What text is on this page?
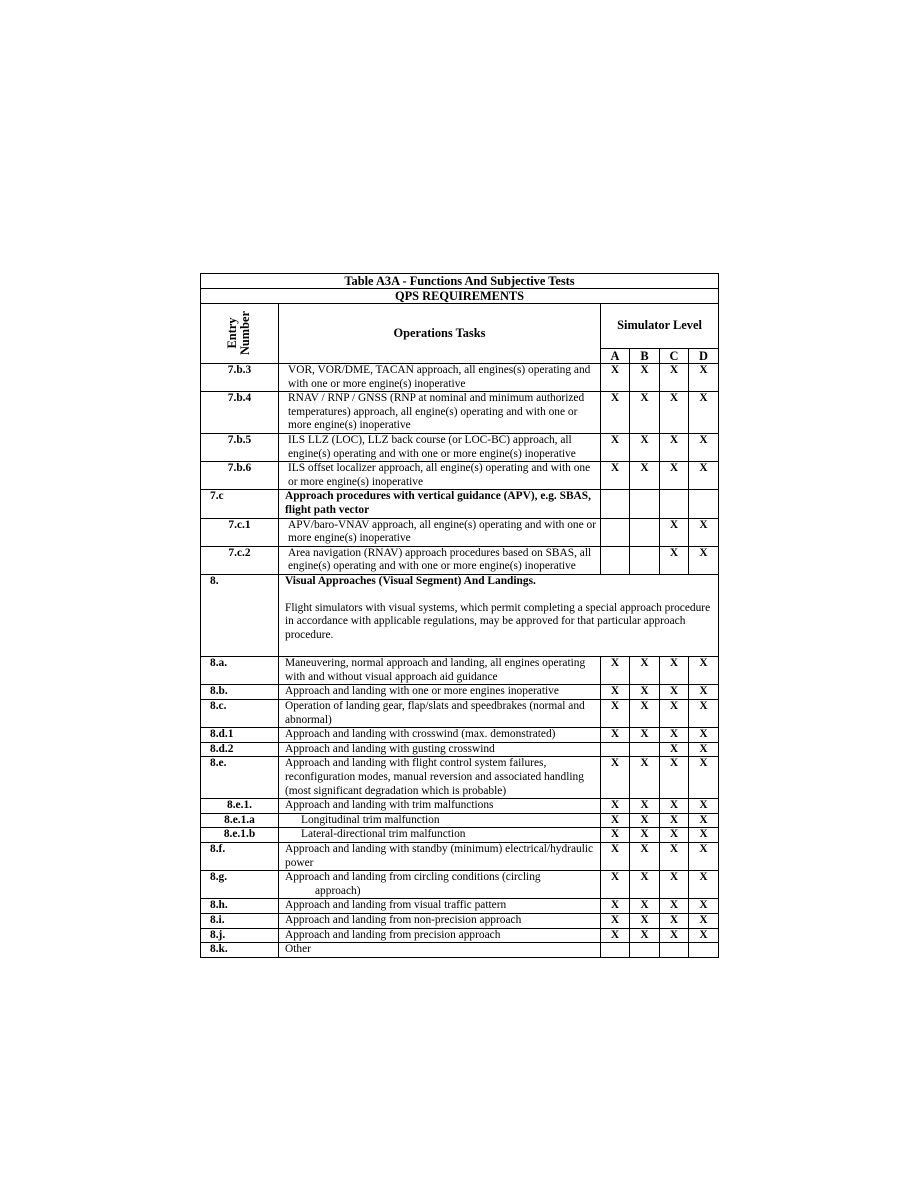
Table A3A - Functions And Subjective Tests					
QPS REQUIREMENTS					
Entry
Number	Operations Tasks	Simulator Level			
		A	B	C	D
7.b.3	VOR, VOR/DME, TACAN approach, all engines(s) operating and with one or more engine(s) inoperative	X	X	X	X
7.b.4	RNAV / RNP / GNSS (RNP at nominal and minimum authorized temperatures) approach, all engine(s) operating and with one or more engine(s) inoperative	X	X	X	X
7.b.5	ILS LLZ (LOC), LLZ back course (or LOC-BC) approach, all engine(s) operating and with one or more engine(s) inoperative	X	X	X	X
7.b.6	ILS offset localizer approach, all engine(s) operating and with one or more engine(s) inoperative	X	X	X	X
7.c	Approach procedures with vertical guidance (APV), e.g. SBAS, flight path vector				
7.c.1	APV/baro-VNAV approach, all engine(s) operating and with one or more engine(s) inoperative			X	X
7.c.2	Area navigation (RNAV) approach procedures based on SBAS, all engine(s) operating and with one or more engine(s) inoperative			X	X
8.	Visual Approaches (Visual Segment) And Landings.
Flight simulators with visual systems, which permit completing a special approach procedure in accordance with applicable regulations, may be approved for that particular approach procedure.				

8.a.	Maneuvering, normal approach and landing, all engines operating with and without visual approach aid guidance	X	X	X	X
8.b.	Approach and landing with one or more engines inoperative	X	X	X	X
8.c.	Operation of landing gear, flap/slats and speedbrakes (normal and abnormal)	X	X	X	X
8.d.1	Approach and landing with crosswind (max. demonstrated)	X	X	X	X
8.d.2	Approach and landing with gusting crosswind			X	X
8.e.	Approach and landing with flight control system failures, reconfiguration modes, manual reversion and associated handling (most significant degradation which is probable)	X	X	X	X
8.e.1.	Approach and landing with trim malfunctions	X	X	X	X
8.e.1.a	Longitudinal trim malfunction	X	X	X	X
8.e.1.b	Lateral-directional trim malfunction	X	X	X	X
8.f.	Approach and landing with standby (minimum) electrical/hydraulic power	X	X	X	X
8.g.	Approach and landing from circling conditions (circling
approach)	X	X	X	X
8.h.	Approach and landing from visual traffic pattern	X	X	X	X
8.i.	Approach and landing from non-precision approach	X	X	X	X
8.j.	Approach and landing from precision approach	X	X	X	X
8.k.	Other				
